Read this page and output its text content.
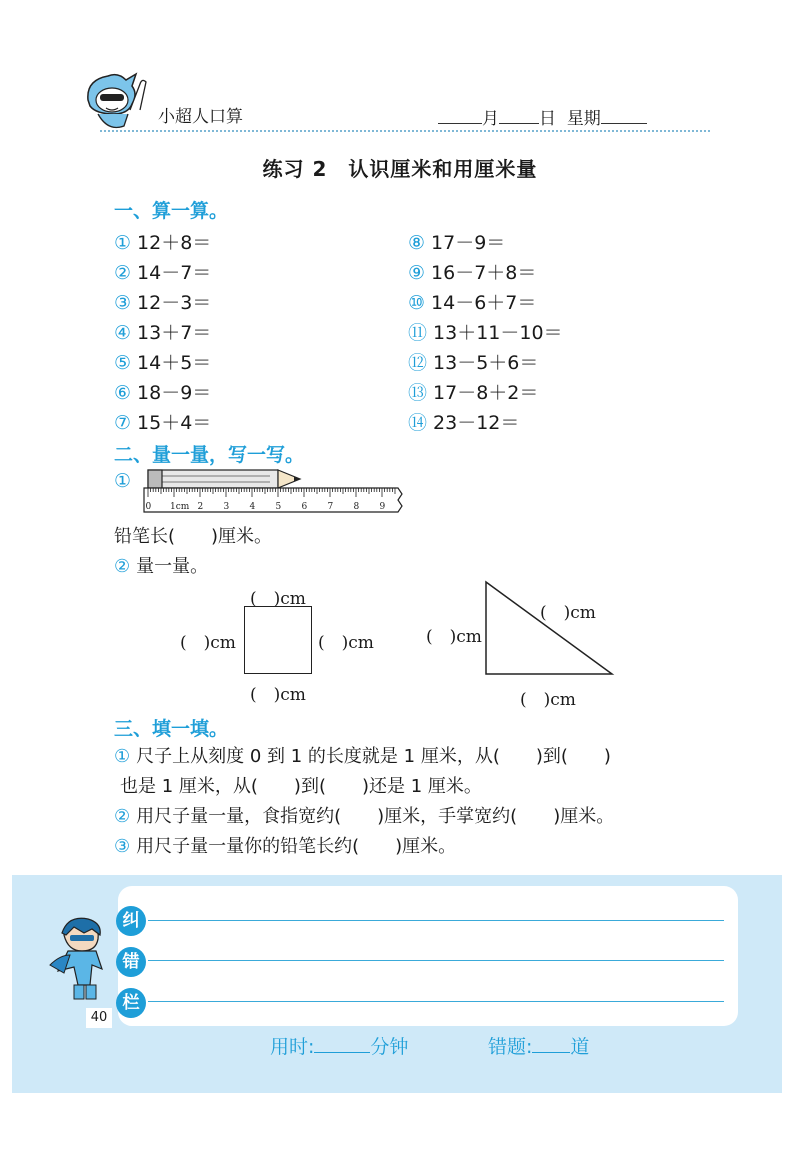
小超人口算	月 日 星期
练习 2　认识厘米和用厘米量
一、算一算。
① 12＋8＝
② 14－7＝
③ 12－3＝
④ 13＋7＝
⑤ 14＋5＝
⑥ 18－9＝
⑦ 15＋4＝
⑧ 17－9＝
⑨ 16－7＋8＝
⑩ 14－6＋7＝
⑪ 13＋11－10＝
⑫ 13－5＋6＝
⑬ 17－8＋2＝
⑭ 23－12＝
二、量一量，写一写。
①
0 1cm 2 3 4 5 6 7 8 9
铅笔长(　　)厘米。
② 量一量。
(　)cm
(　)cm	(　)cm
(　)cm
(　)cm
(　)cm
(　)cm
三、填一填。
① 尺子上从刻度 0 到 1 的长度就是 1 厘米，从(　　)到(　　)
也是 1 厘米，从(　　)到(　　)还是 1 厘米。
② 用尺子量一量，食指宽约(　　)厘米，手掌宽约(　　)厘米。
③ 用尺子量一量你的铅笔长约(　　)厘米。
纠
错
栏
40
用时:	分钟	错题: 道
